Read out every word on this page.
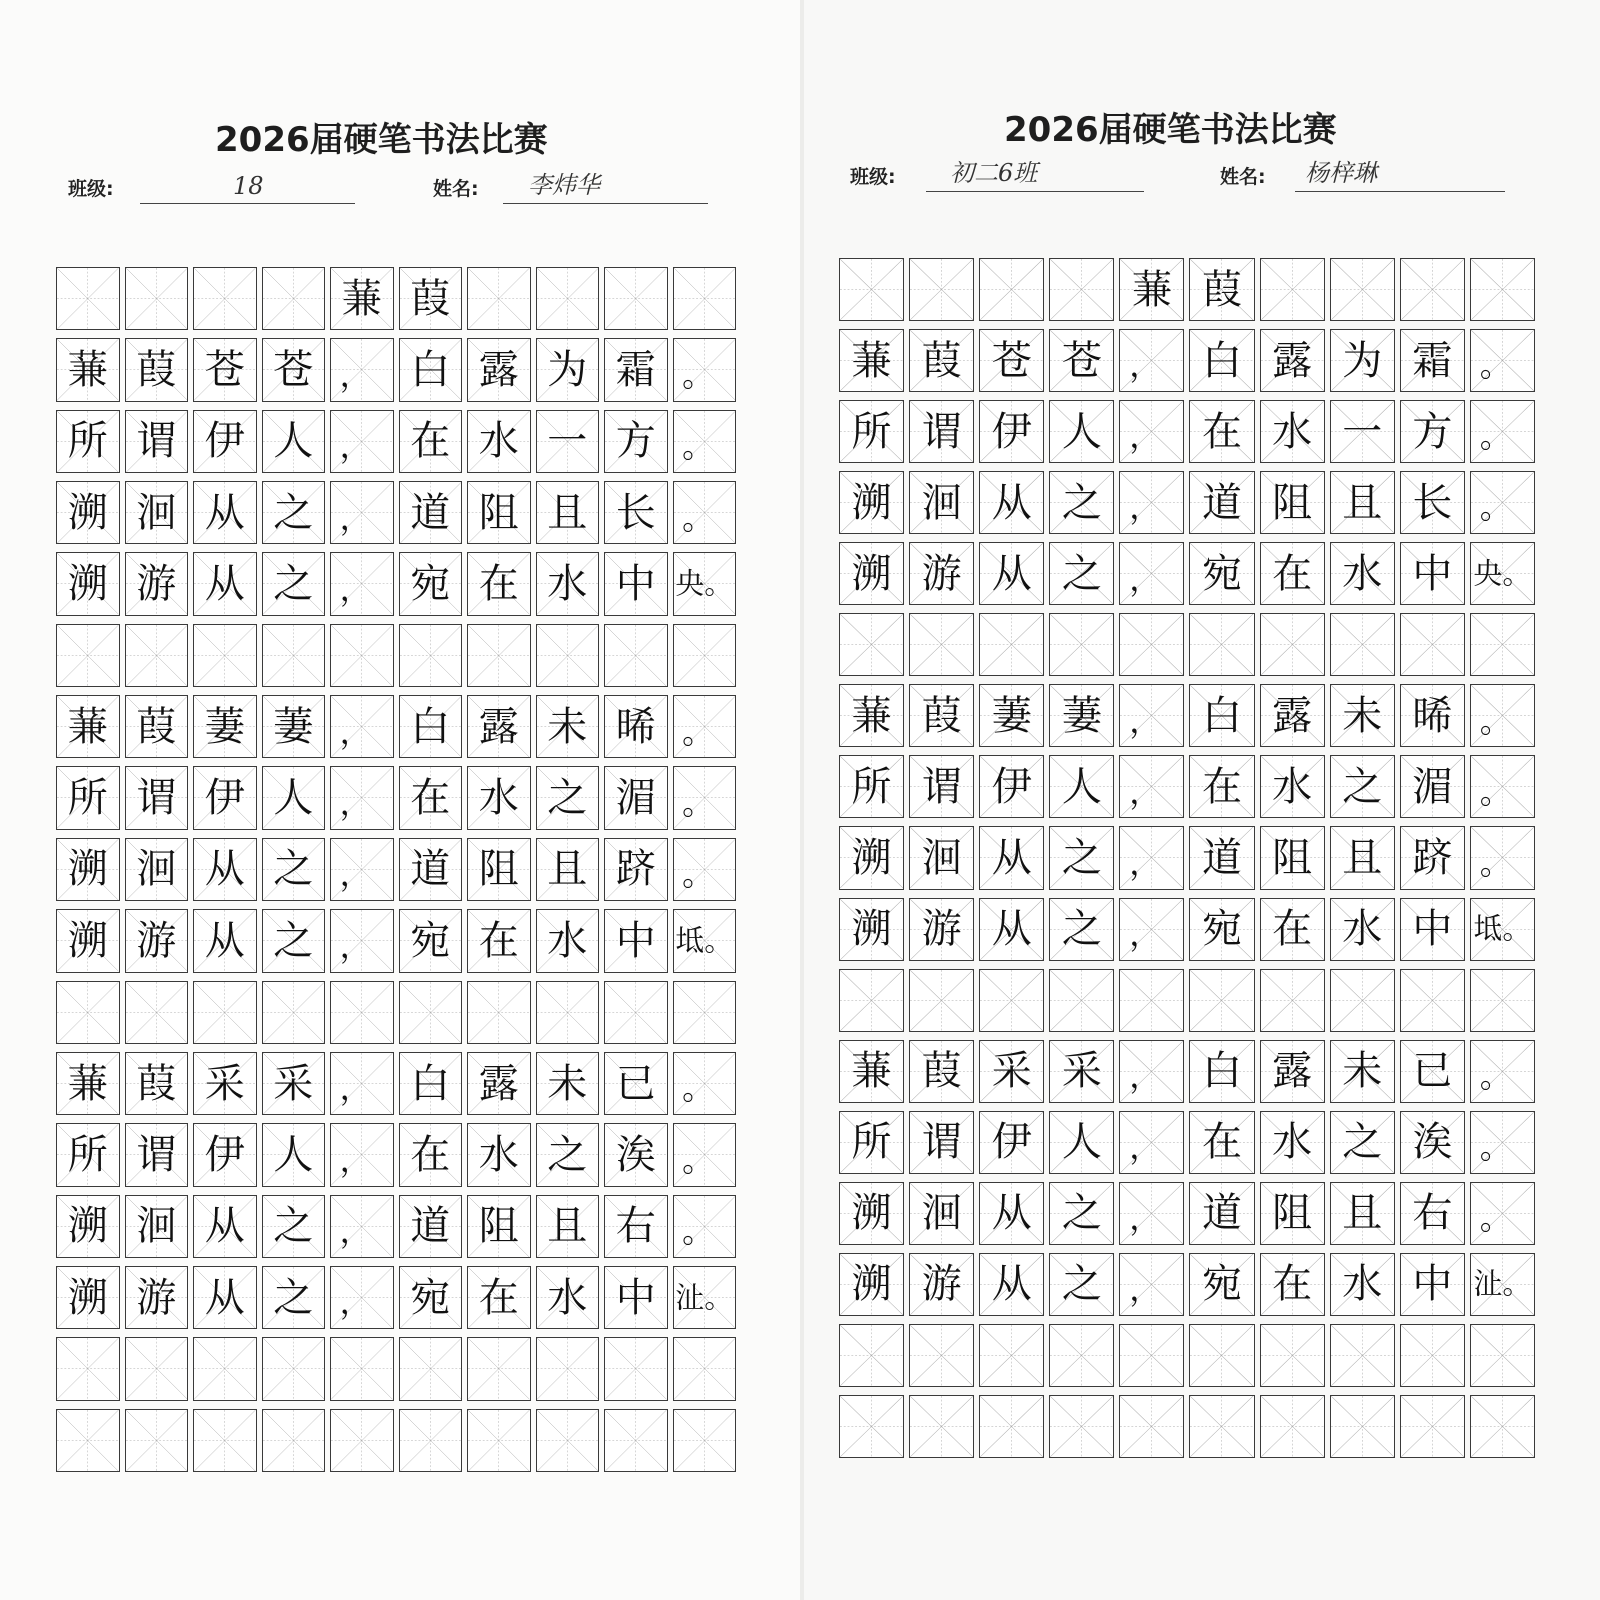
2026届硬笔书法比赛
班级:	18	姓名: 李炜华
蒹 葭
蒹 葭 苍 苍 ， 白 露 为 霜 。
所 谓 伊 人 ， 在 水 一 方 。
溯 洄 从 之 ， 道 阻 且 长 。
溯 游 从 之 ， 宛 在 水 中 央。
蒹 葭 萋 萋 ， 白 露 未 晞 。
所 谓 伊 人 ， 在 水 之 湄 。
溯 洄 从 之 ， 道 阻 且 跻 。
溯 游 从 之 ， 宛 在 水 中 坻。
蒹 葭 采 采 ， 白 露 未 已 。
所 谓 伊 人 ， 在 水 之 涘 。
溯 洄 从 之 ， 道 阻 且 右 。
溯 游 从 之 ， 宛 在 水 中 沚。
2026届硬笔书法比赛
班级: 初二6班	姓名: 杨梓琳
蒹 葭
蒹 葭 苍 苍 ， 白 露 为 霜 。
所 谓 伊 人 ， 在 水 一 方 。
溯 洄 从 之 ， 道 阻 且 长 。
溯 游 从 之 ， 宛 在 水 中 央。
蒹 葭 萋 萋 ， 白 露 未 晞 。
所 谓 伊 人 ， 在 水 之 湄 。
溯 洄 从 之 ， 道 阻 且 跻 。
溯 游 从 之 ， 宛 在 水 中 坻。
蒹 葭 采 采 ， 白 露 未 已 。
所 谓 伊 人 ， 在 水 之 涘 。
溯 洄 从 之 ， 道 阻 且 右 。
溯 游 从 之 ， 宛 在 水 中 沚。
